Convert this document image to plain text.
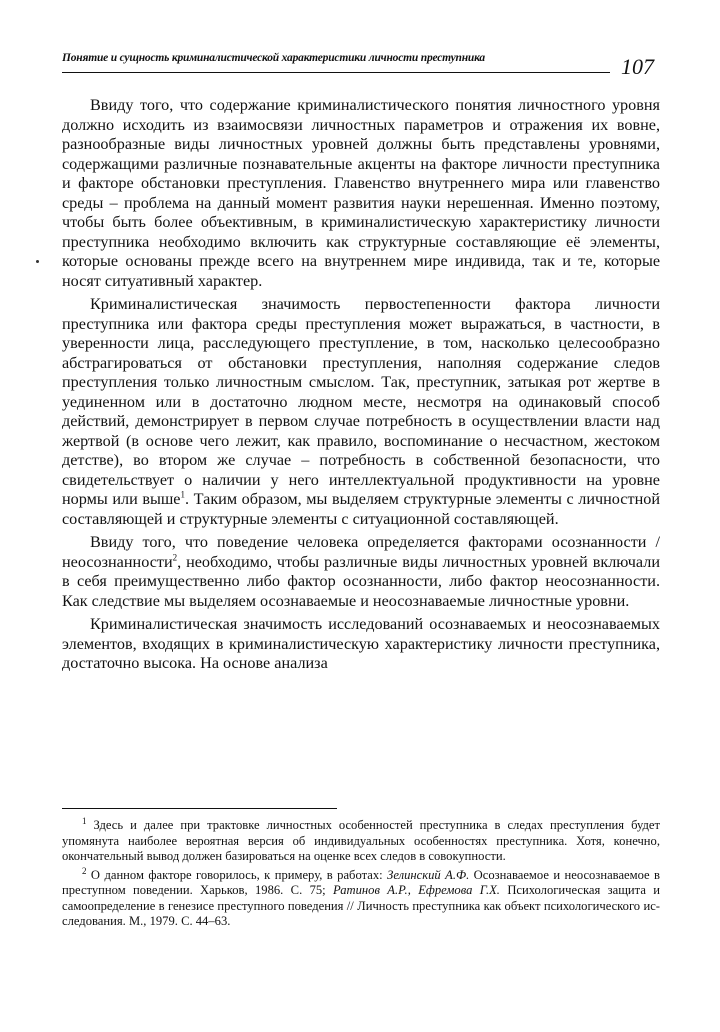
Понятие и сущность криминалистической характеристики личности преступника	107

Ввиду того, что содержание криминалистического понятия личностного уровня должно исходить из взаимосвязи личностных параметров и отражения их вовне, разнообразные виды личностных уровней должны быть представлены уровнями, содержащими различные познавательные акценты на факторе личности преступника и факторе обстановки преступления. Главенство внутреннего мира или главенство среды – проблема на данный момент развития науки нерешенная. Именно поэтому, чтобы быть более объективным, в криминалистическую характеристику личности преступника необходимо включить как структурные составляющие её элементы, которые основаны прежде всего на внутреннем мире индивида, так и те, которые носят ситуативный характер.

Криминалистическая значимость первостепенности фактора личности преступника или фактора среды преступления может выражаться, в частности, в уверенности лица, расследующего преступление, в том, насколько целесообразно абстрагироваться от обстановки преступления, наполняя содержание следов преступления только личностным смыслом. Так, преступник, затыкая рот жертве в уединенном или в достаточно людном месте, несмотря на одинаковый способ действий, демонстрирует в первом случае потребность в осуществлении власти над жертвой (в основе чего лежит, как правило, воспоминание о несчастном, жестоком детстве), во втором же случае – потребность в собственной безопасности, что свидетельствует о наличии у него интеллектуальной продуктивности на уровне нормы или выше$^1$. Таким образом, мы выделяем структурные элементы с личностной составляющей и структурные элементы с ситуационной составляющей.

Ввиду того, что поведение человека определяется факторами осознанности / неосознанности$^2$, необходимо, чтобы различные виды личностных уровней включали в себя преимущественно либо фактор осознанности, либо фактор неосознанности. Как следствие мы выделяем осознаваемые и неосознаваемые личностные уровни.

Криминалистическая значимость исследований осознаваемых и неосознаваемых элементов, входящих в криминалистическую характеристику личности преступника, достаточно высока. На основе анализа

$^1$ Здесь и далее при трактовке личностных особенностей преступника в следах преступления будет упомянута наиболее вероятная версия об индивидуальных особенностях преступника. Хотя, конечно, окончательный вывод должен базироваться на оценке всех следов в совокупности.

$^2$ О данном факторе говорилось, к примеру, в работах: Зелинский А.Ф. Осознаваемое и неосознаваемое в преступном поведении. Харьков, 1986. С. 75; Ратинов А.Р., Ефремова Г.Х. Психологическая защита и самоопределение в генезисе преступного поведения // Личность преступника как объект психологического исследования. М., 1979. С. 44–63.
